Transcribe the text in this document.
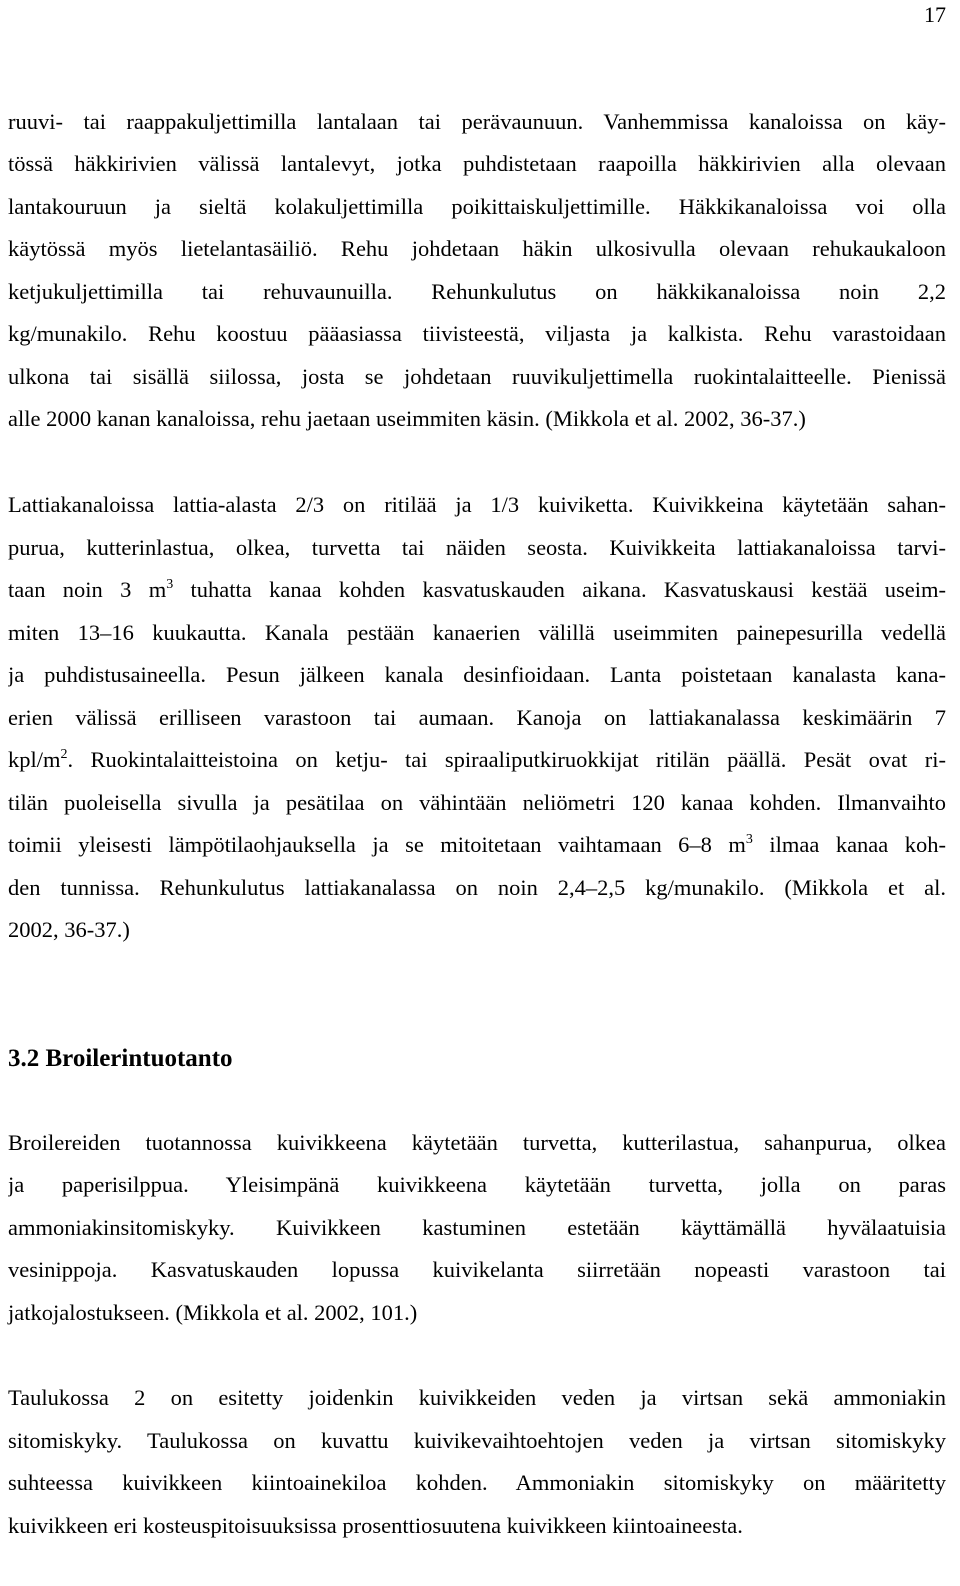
17
ruuvi- tai raappakuljettimilla lantalaan tai perävaunuun. Vanhemmissa kanaloissa on käy-
tössä häkkirivien välissä lantalevyt, jotka puhdistetaan raapoilla häkkirivien alla olevaan
lantakouruun ja sieltä kolakuljettimilla poikittaiskuljettimille. Häkkikanaloissa voi olla
käytössä myös lietelantasäiliö. Rehu johdetaan häkin ulkosivulla olevaan rehukaukaloon
ketjukuljettimilla tai rehuvaunuilla. Rehunkulutus on häkkikanaloissa noin 2,2
kg/munakilo. Rehu koostuu pääasiassa tiivisteestä, viljasta ja kalkista. Rehu varastoidaan
ulkona tai sisällä siilossa, josta se johdetaan ruuvikuljettimella ruokintalaitteelle. Pienissä
alle 2000 kanan kanaloissa, rehu jaetaan useimmiten käsin. (Mikkola et al. 2002, 36-37.)
Lattiakanaloissa lattia-alasta 2/3 on ritilää ja 1/3 kuiviketta. Kuivikkeina käytetään sahan-
purua, kutterinlastua, olkea, turvetta tai näiden seosta. Kuivikkeita lattiakanaloissa tarvi-
taan noin 3 $m^3$ tuhatta kanaa kohden kasvatuskauden aikana. Kasvatuskausi kestää useim-
miten 13–16 kuukautta. Kanala pestään kanaerien välillä useimmiten painepesurilla vedellä
ja puhdistusaineella. Pesun jälkeen kanala desinfioidaan. Lanta poistetaan kanalasta kana-
erien välissä erilliseen varastoon tai aumaan. Kanoja on lattiakanalassa keskimäärin 7
kpl/$m^2$. Ruokintalaitteistoina on ketju- tai spiraaliputkiruokkijat ritilän päällä. Pesät ovat ri-
tilän puoleisella sivulla ja pesätilaa on vähintään neliömetri 120 kanaa kohden. Ilmanvaihto
toimii yleisesti lämpötilaohjauksella ja se mitoitetaan vaihtamaan 6–8 $m^3$ ilmaa kanaa koh-
den tunnissa. Rehunkulutus lattiakanalassa on noin 2,4–2,5 kg/munakilo. (Mikkola et al.
2002, 36-37.)
3.2 Broilerintuotanto
Broilereiden tuotannossa kuivikkeena käytetään turvetta, kutterilastua, sahanpurua, olkea
ja paperisilppua. Yleisimpänä kuivikkeena käytetään turvetta, jolla on paras
ammoniakinsitomiskyky. Kuivikkeen kastuminen estetään käyttämällä hyvälaatuisia
vesinippoja. Kasvatuskauden lopussa kuivikelanta siirretään nopeasti varastoon tai
jatkojalostukseen. (Mikkola et al. 2002, 101.)
Taulukossa 2 on esitetty joidenkin kuivikkeiden veden ja virtsan sekä ammoniakin
sitomiskyky. Taulukossa on kuvattu kuivikevaihtoehtojen veden ja virtsan sitomiskyky
suhteessa kuivikkeen kiintoainekiloa kohden. Ammoniakin sitomiskyky on määritetty
kuivikkeen eri kosteuspitoisuuksissa prosenttiosuutena kuivikkeen kiintoaineesta.
